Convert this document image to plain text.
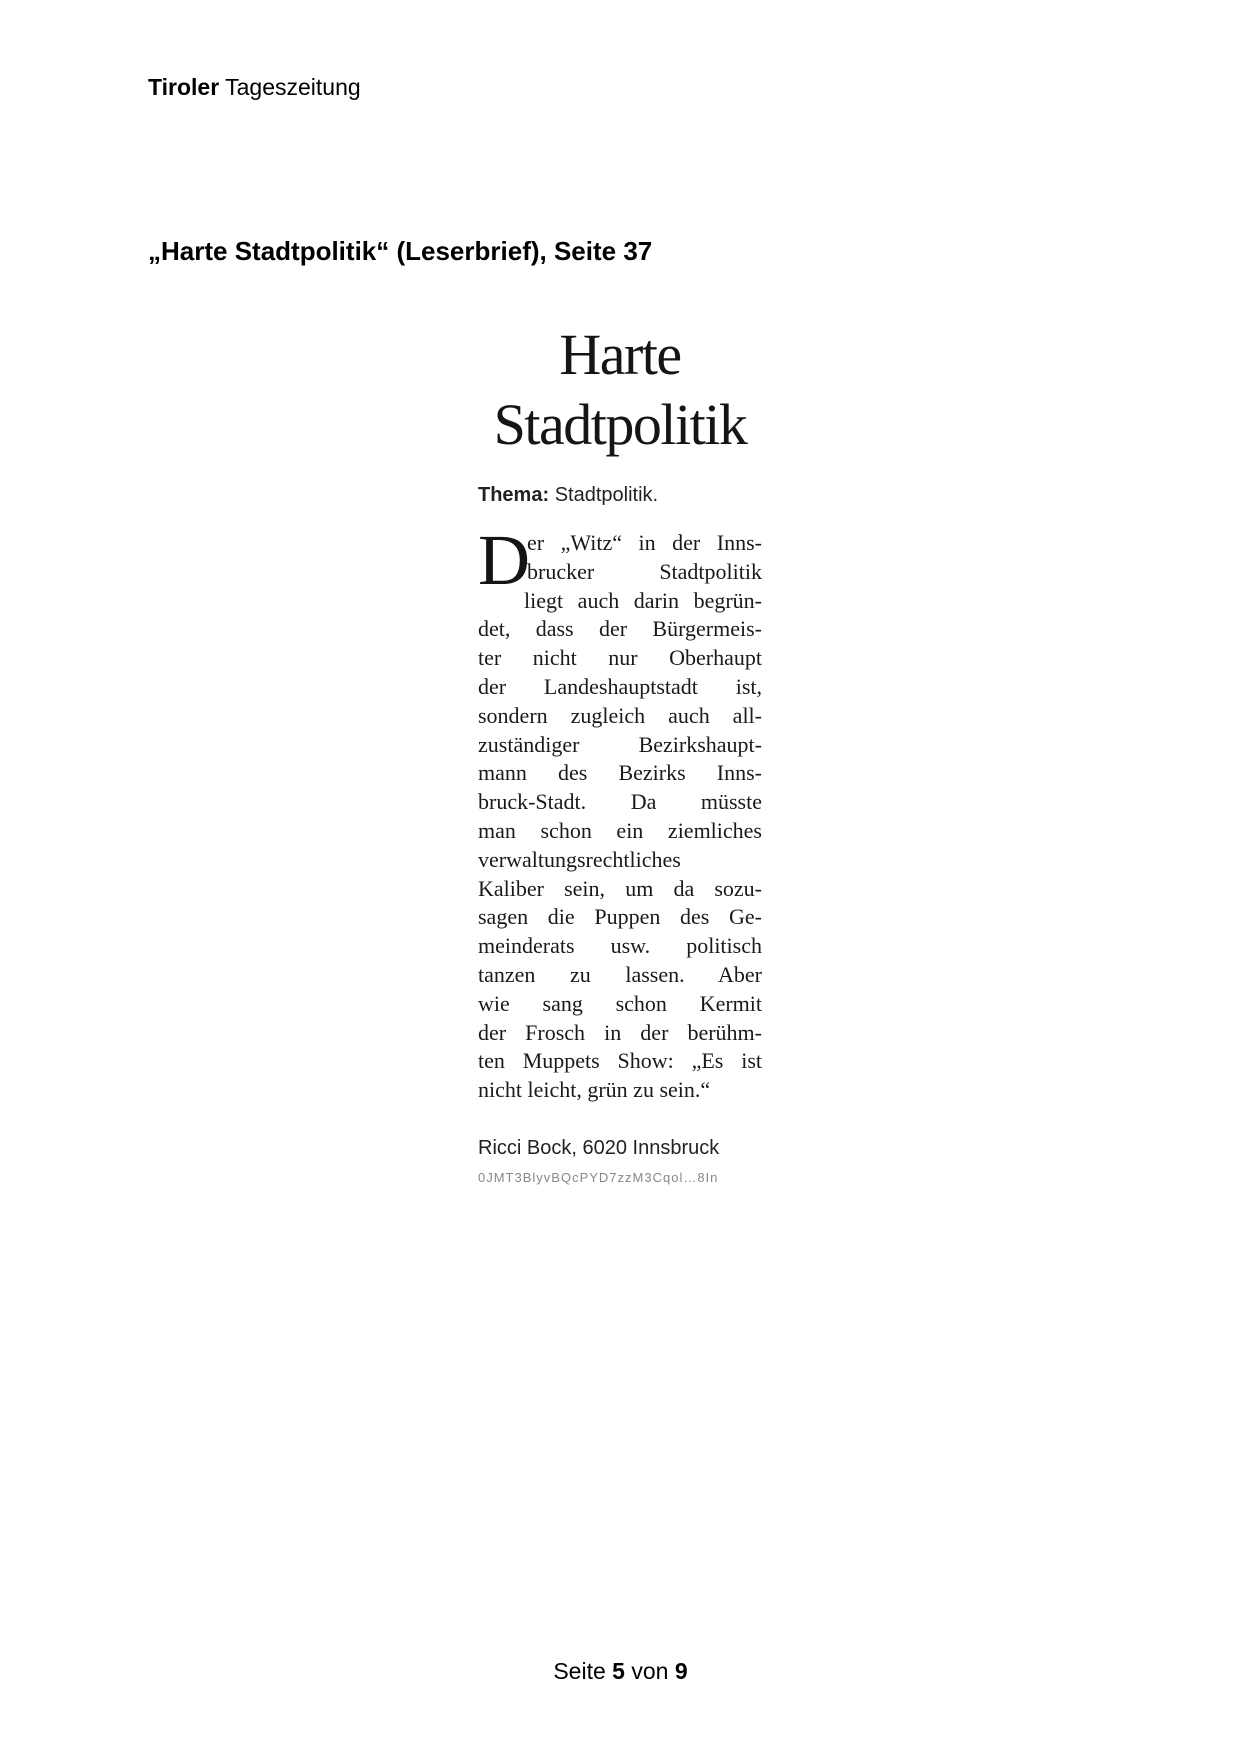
Tiroler Tageszeitung
„Harte Stadtpolitik“ (Leserbrief), Seite 37
Harte
Stadtpolitik
Thema: Stadtpolitik.
D
er „Witz“ in der Inns-
brucker Stadtpolitik
liegt auch darin begrün-
det, dass der Bürgermeis-
ter nicht nur Oberhaupt
der Landeshauptstadt ist,
sondern zugleich auch all-
zuständiger Bezirkshaupt-
mann des Bezirks Inns-
bruck-Stadt. Da müsste
man schon ein ziemliches
verwaltungsrechtliches
Kaliber sein, um da sozu-
sagen die Puppen des Ge-
meinderats usw. politisch
tanzen zu lassen. Aber
wie sang schon Kermit
der Frosch in der berühm-
ten Muppets Show: „Es ist
nicht leicht, grün zu sein.“
Ricci Bock, 6020 Innsbruck
0JMT3BlyvBQcPYD7zzM3Cqol…8In
Seite 5 von 9
